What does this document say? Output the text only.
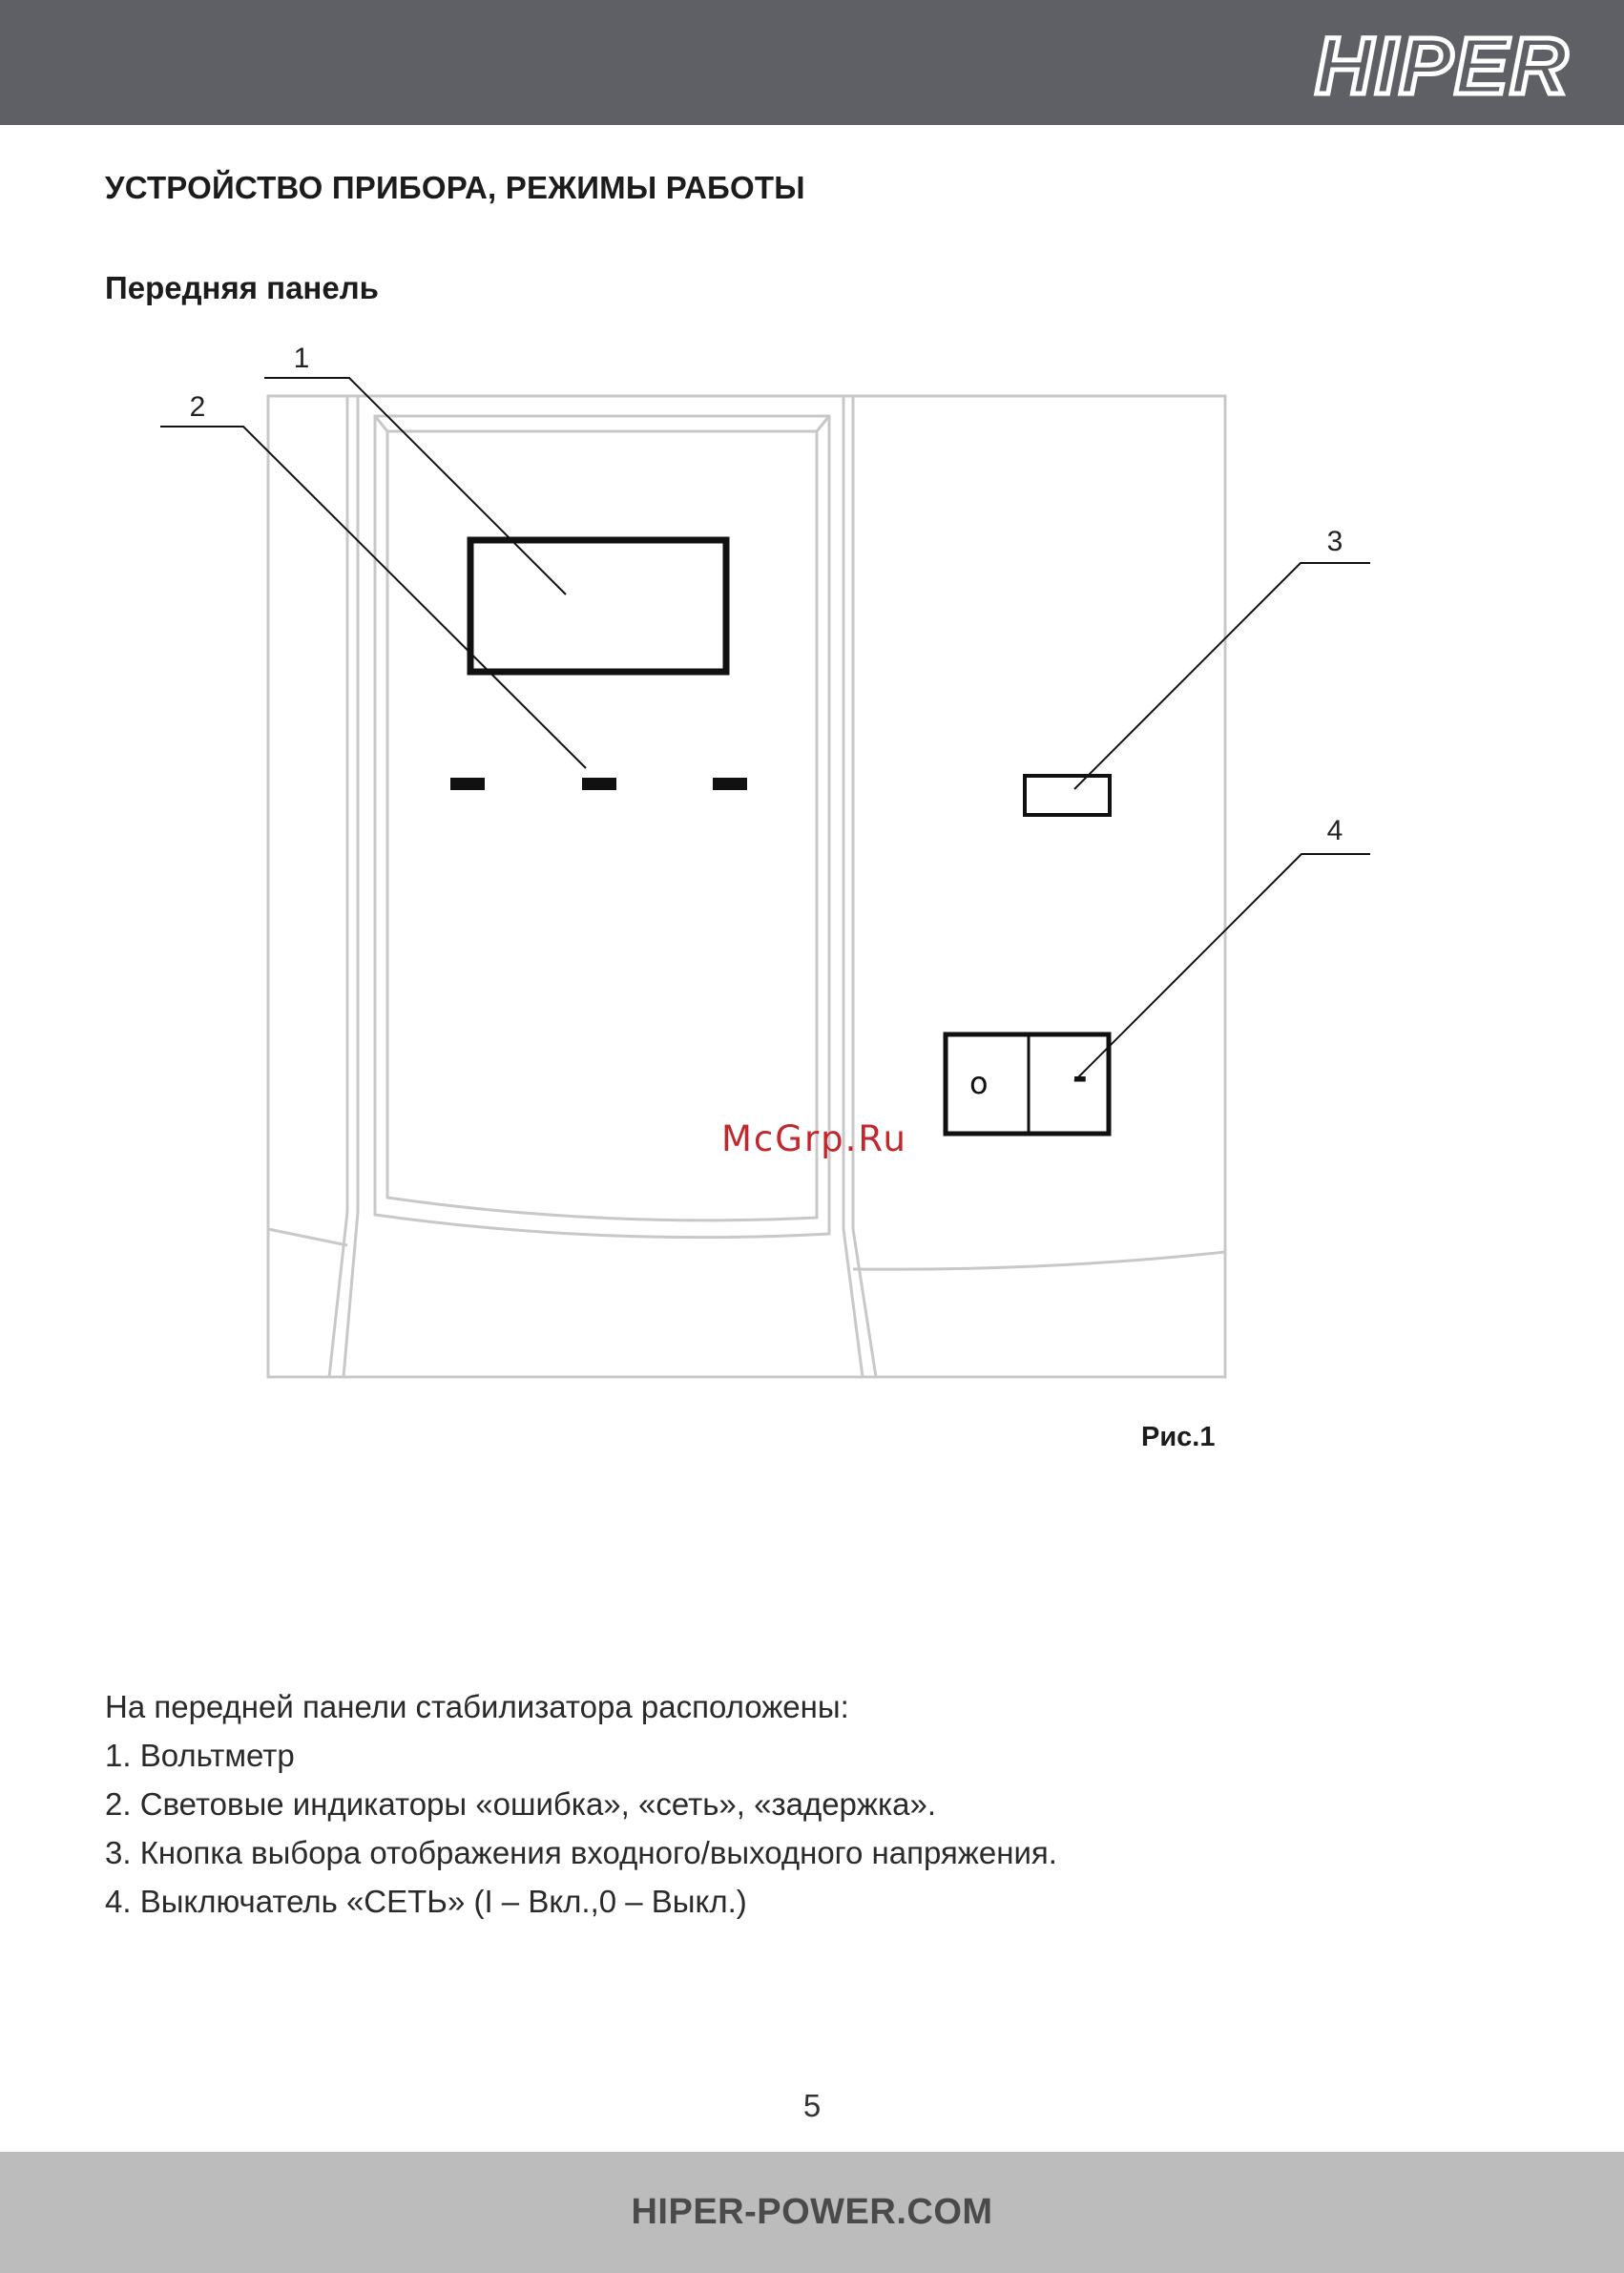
HIPER
УСТРОЙСТВО ПРИБОРА, РЕЖИМЫ РАБОТЫ
Передняя панель
o -
1
2
3
4
McGrp.Ru
Рис.1

На передней панели стабилизатора расположены:

1. Вольтметр

2. Световые индикаторы «ошибка», «сеть», «задержка».

3. Кнопка выбора отображения входного/выходного напряжения.

4. Выключатель «СЕТЬ» (I – Вкл.,0 – Выкл.)

5
HIPER-POWER.COM
